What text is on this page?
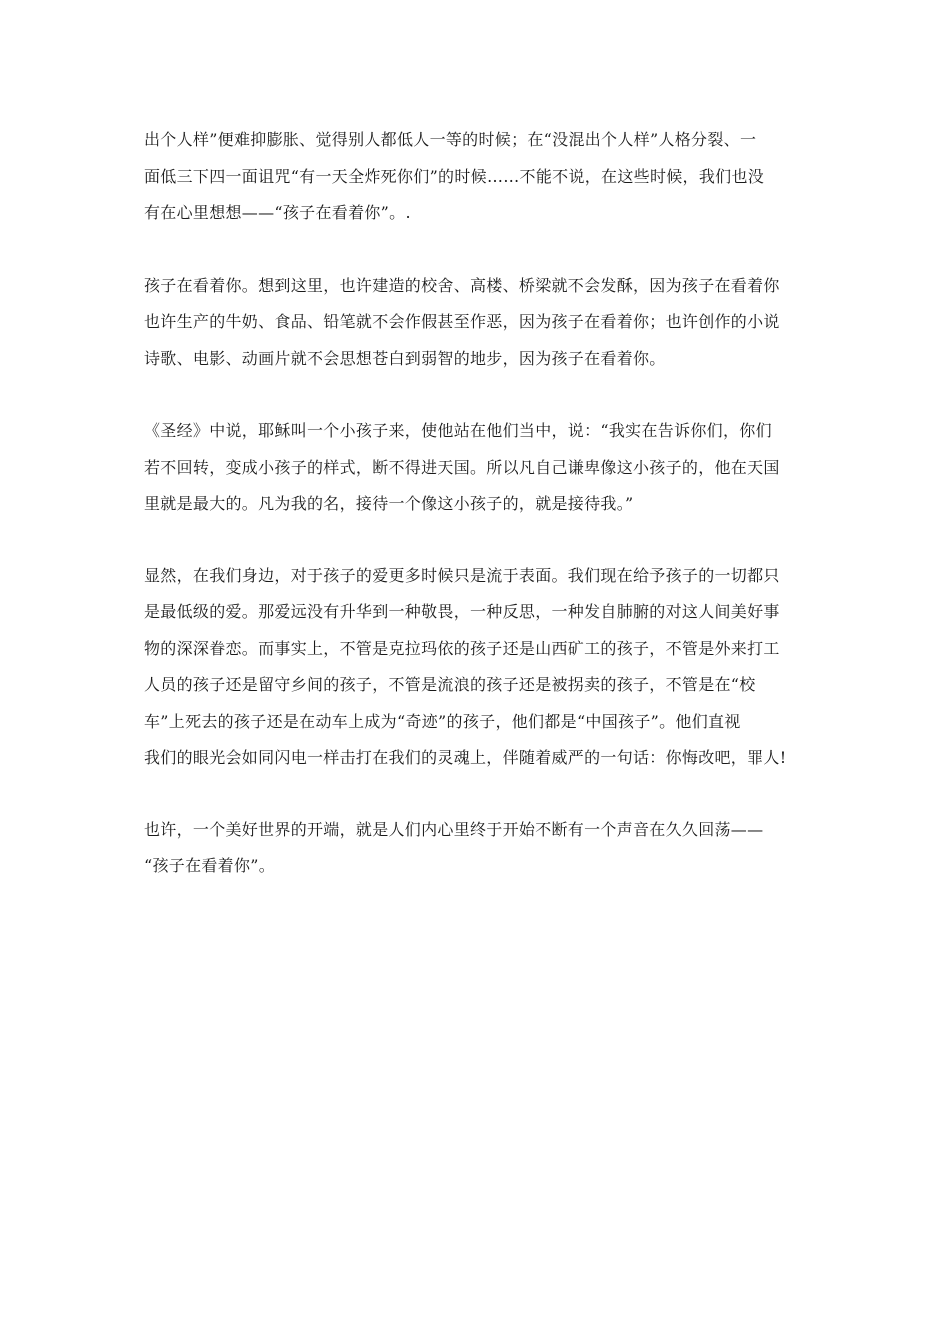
出个人样”便难抑膨胀、觉得别人都低人一等的时候；在“没混出个人样”人格分裂、一
面低三下四一面诅咒“有一天全炸死你们”的时候……不能不说，在这些时候，我们也没
有在心里想想——“孩子在看着你”。.

孩子在看着你。想到这里，也许建造的校舍、高楼、桥梁就不会发酥，因为孩子在看着你
也许生产的牛奶、食品、铅笔就不会作假甚至作恶，因为孩子在看着你；也许创作的小说
诗歌、电影、动画片就不会思想苍白到弱智的地步，因为孩子在看着你。

《圣经》中说，耶稣叫一个小孩子来，使他站在他们当中，说：“我实在告诉你们，你们
若不回转，变成小孩子的样式，断不得进天国。所以凡自己谦卑像这小孩子的，他在天国
里就是最大的。凡为我的名，接待一个像这小孩子的，就是接待我。”

显然，在我们身边，对于孩子的爱更多时候只是流于表面。我们现在给予孩子的一切都只
是最低级的爱。那爱远没有升华到一种敬畏，一种反思，一种发自肺腑的对这人间美好事
物的深深眷恋。而事实上，不管是克拉玛依的孩子还是山西矿工的孩子，不管是外来打工
人员的孩子还是留守乡间的孩子，不管是流浪的孩子还是被拐卖的孩子，不管是在“校
车”上死去的孩子还是在动车上成为“奇迹”的孩子，他们都是“中国孩子”。他们直视
我们的眼光会如同闪电一样击打在我们的灵魂上，伴随着威严的一句话：你悔改吧，罪人!

也许，一个美好世界的开端，就是人们内心里终于开始不断有一个声音在久久回荡——
“孩子在看着你”。
